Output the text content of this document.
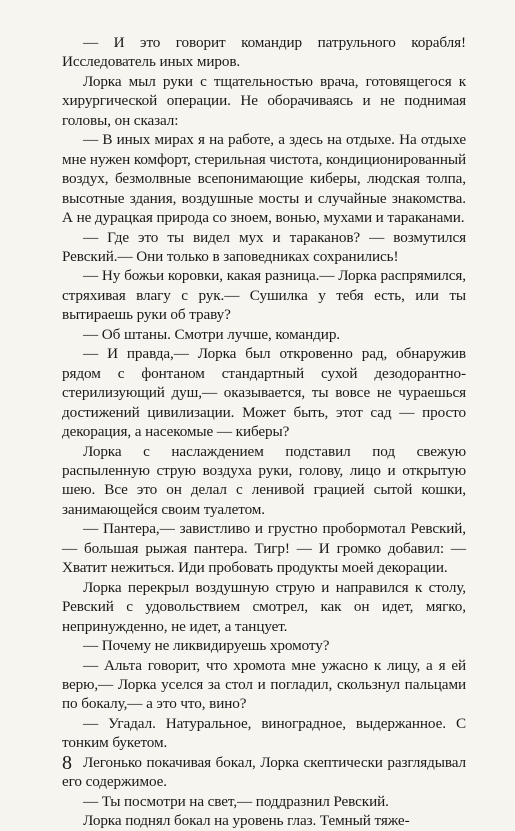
— И это говорит командир патрульного корабля! Исследователь иных миров.

Лорка мыл руки с тщательностью врача, готовящегося к хирургической операции. Не оборачиваясь и не поднимая головы, он сказал:

— В иных мирах я на работе, а здесь на отдыхе. На отдыхе мне нужен комфорт, стерильная чистота, кондиционированный воздух, безмолвные всепонимающие киберы, людская толпа, высотные здания, воздушные мосты и случайные знакомства. А не дурацкая природа со зноем, вонью, мухами и тараканами.

— Где это ты видел мух и тараканов? — возмутился Ревский.— Они только в заповедниках сохранились!

— Ну божьи коровки, какая разница.— Лорка распрямился, стряхивая влагу с рук.— Сушилка у тебя есть, или ты вытираешь руки об траву?

— Об штаны. Смотри лучше, командир.

— И правда,— Лорка был откровенно рад, обнаружив рядом с фонтаном стандартный сухой дезодорантно-стерилизующий душ,— оказывается, ты вовсе не чураешься достижений цивилизации. Может быть, этот сад — просто декорация, а насекомые — киберы?

Лорка с наслаждением подставил под свежую распыленную струю воздуха руки, голову, лицо и открытую шею. Все это он делал с ленивой грацией сытой кошки, занимающейся своим туалетом.

— Пантера,— завистливо и грустно пробормотал Ревский,— большая рыжая пантера. Тигр! — И громко добавил: — Хватит нежиться. Иди пробовать продукты моей декорации.

Лорка перекрыл воздушную струю и направился к столу, Ревский с удовольствием смотрел, как он идет, мягко, непринужденно, не идет, а танцует.

— Почему не ликвидируешь хромоту?

— Альта говорит, что хромота мне ужасно к лицу, а я ей верю,— Лорка уселся за стол и погладил, скользнул пальцами по бокалу,— а это что, вино?

— Угадал. Натуральное, виноградное, выдержанное. С тонким букетом.

Легонько покачивая бокал, Лорка скептически разглядывал его содержимое.

— Ты посмотри на свет,— поддразнил Ревский.

Лорка поднял бокал на уровень глаз. Темный тяже-

8
